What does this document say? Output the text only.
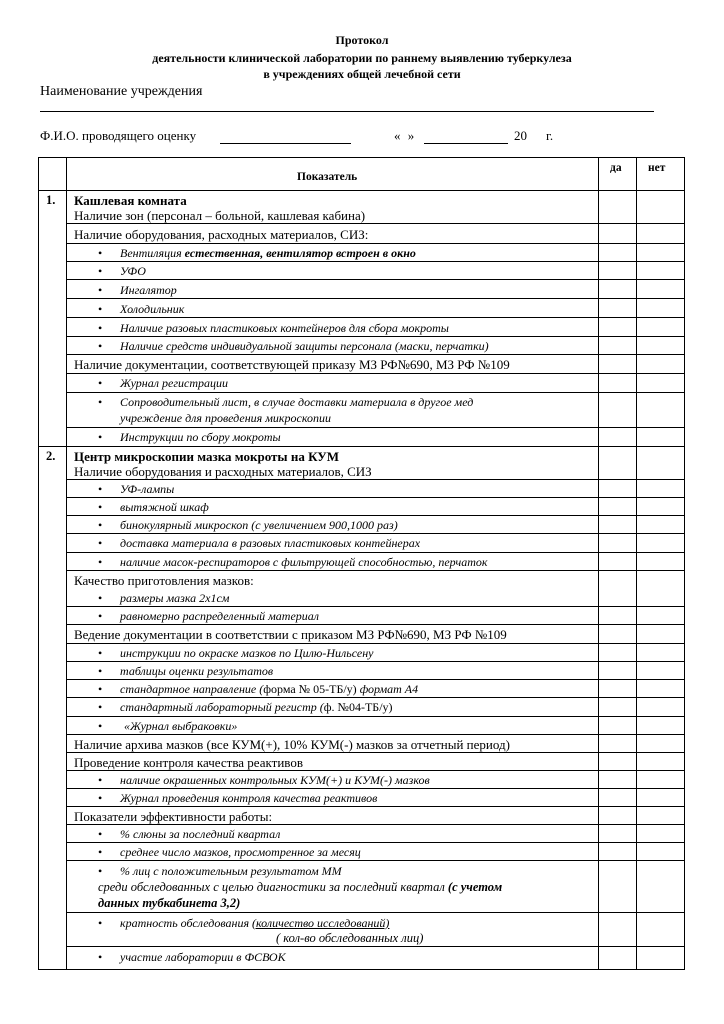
Протокол
деятельности клинической лаборатории по раннему выявлению туберкулеза
в учреждениях общей лечебной сети
Наименование учреждения
Ф.И.О. проводящего оценку	« »	20 г.
Показатель
да нет
1. Кашлевая комната
Наличие зон (персонал – больной, кашлевая кабина)
Наличие оборудования, расходных материалов, СИЗ:
• Вентиляция естественная, вентилятор встроен в окно
• УФО
• Ингалятор
• Холодильник
• Наличие разовых пластиковых контейнеров для сбора мокроты
• Наличие средств индивидуальной защиты персонала (маски, перчатки)
Наличие документации, соответствующей приказу МЗ РФ№690, МЗ РФ №109
• Журнал регистрации
• Сопроводительный лист, в случае доставки материала в другое мед
учреждение для проведения микроскопии
• Инструкции по сбору мокроты
2. Центр микроскопии мазка мокроты на КУМ
Наличие оборудования и расходных материалов, СИЗ
• УФ-лампы
• вытяжной шкаф
• бинокулярный микроскоп (с увеличением 900,1000 раз)
• доставка материала в разовых пластиковых контейнерах
• наличие масок-респираторов с фильтрующей способностью, перчаток
Качество приготовления мазков:
• размеры мазка 2х1см
• равномерно распределенный материал
Ведение документации в соответствии с приказом МЗ РФ№690, МЗ РФ №109
• инструкции по окраске мазков по Цилю-Нильсену
• таблицы оценки результатов
• стандартное направление (форма № 05-ТБ/у) формат А4
• стандартный лабораторный регистр (ф. №04-ТБ/у)
• «Журнал выбраковки»
Наличие архива мазков (все КУМ(+), 10% КУМ(-) мазков за отчетный период)
Проведение контроля качества реактивов
• наличие окрашенных контрольных КУМ(+) и КУМ(-) мазков
• Журнал проведения контроля качества реактивов
Показатели эффективности работы:
• % слюны за последний квартал
• среднее число мазков, просмотренное за месяц
• % лиц с положительным результатом ММ
среди обследованных с целью диагностики за последний квартал (с учетом
данных тубкабинета 3,2)
• кратность обследования (количество исследований)
( кол-во обследованных лиц)
• участие лаборатории в ФСВОК
